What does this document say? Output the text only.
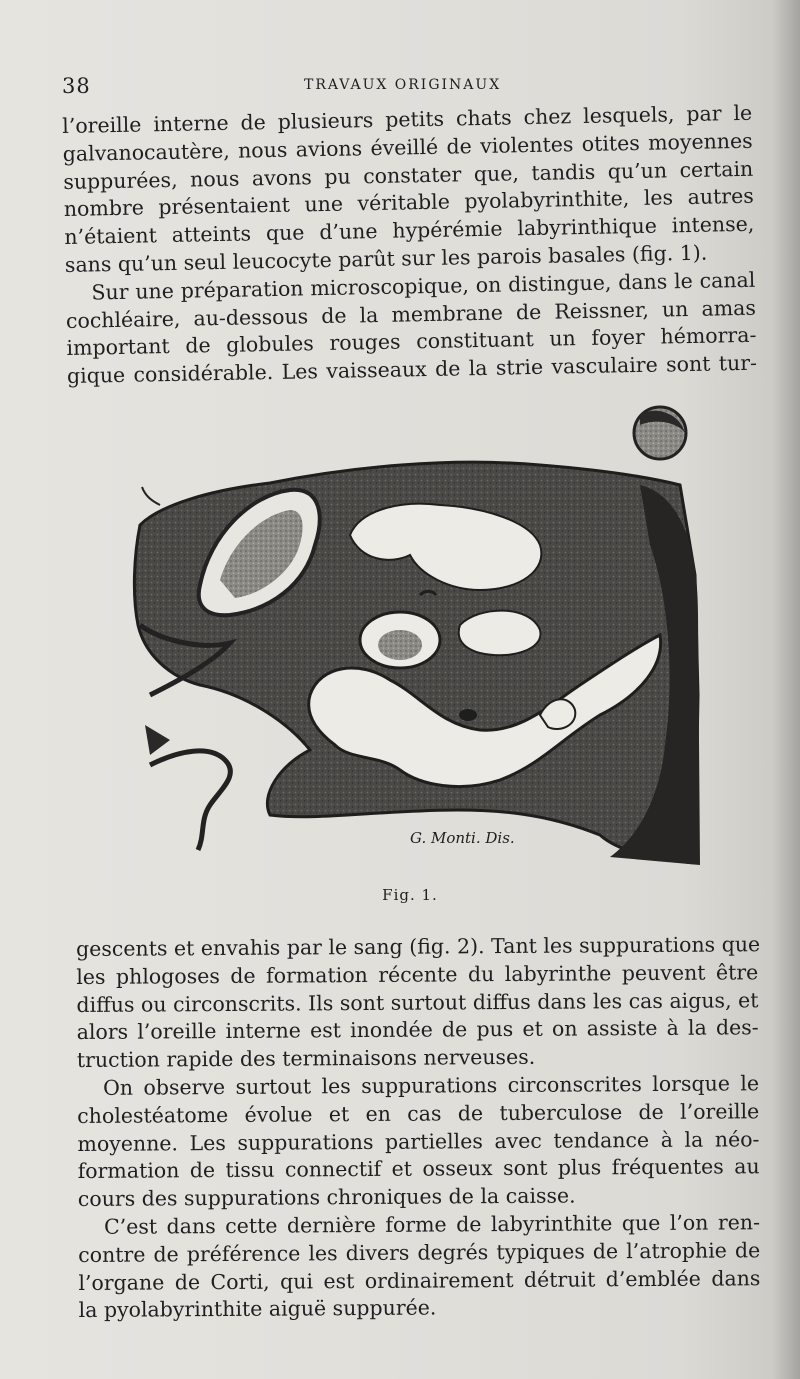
38	TRAVAUX ORIGINAUX
l’oreille interne de plusieurs petits chats chez lesquels, par le
galvanocautère, nous avions éveillé de violentes otites moyennes
suppurées, nous avons pu constater que, tandis qu’un certain
nombre présentaient une véritable pyolabyrinthite, les autres
n’étaient atteints que d’une hypérémie labyrinthique intense,
sans qu’un seul leucocyte parût sur les parois basales (fig. 1).
Sur une préparation microscopique, on distingue, dans le canal
cochléaire, au-dessous de la membrane de Reissner, un amas
important de globules rouges constituant un foyer hémorra-
gique considérable. Les vaisseaux de la strie vasculaire sont tur-
G. Monti. Dis.
Fig. 1.
gescents et envahis par le sang (fig. 2). Tant les suppurations que
les phlogoses de formation récente du labyrinthe peuvent être
diffus ou circonscrits. Ils sont surtout diffus dans les cas aigus, et
alors l’oreille interne est inondée de pus et on assiste à la des-
truction rapide des terminaisons nerveuses.
On observe surtout les suppurations circonscrites lorsque le
cholestéatome évolue et en cas de tuberculose de l’oreille
moyenne. Les suppurations partielles avec tendance à la néo-
formation de tissu connectif et osseux sont plus fréquentes au
cours des suppurations chroniques de la caisse.
C’est dans cette dernière forme de labyrinthite que l’on ren-
contre de préférence les divers degrés typiques de l’atrophie de
l’organe de Corti, qui est ordinairement détruit d’emblée dans
la pyolabyrinthite aiguë suppurée.
